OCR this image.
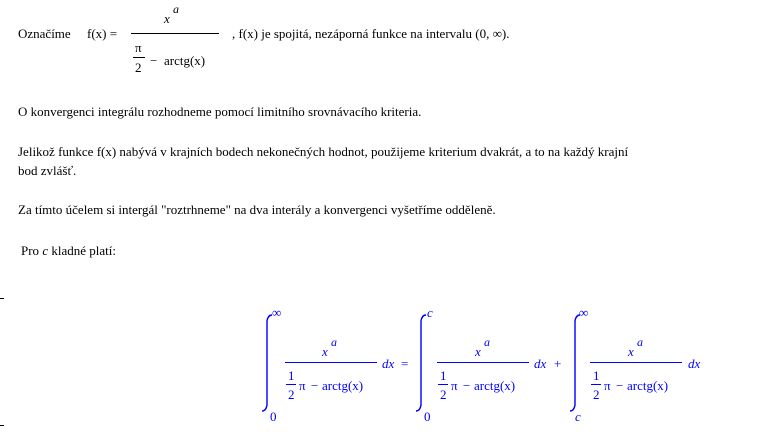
Označíme f(x) =
x
a
π
2 − arctg(x)
, f(x) je spojitá, nezáporná funkce na intervalu (0, ∞).
O konvergenci integrálu rozhodneme pomocí limitního srovnávacího kriteria.
Jelikož funkce f(x) nabývá v krajních bodech nekonečných hodnot, použijeme kriterium dvakrát, a to na každý krajní
bod zvlášť.
Za tímto účelem si intergál "roztrhneme" na dva interály a konvergenci vyšetříme odděleně.
Pro c kladné platí:
∞
0
x
a
1
2
π − arctg(x)
dx =
c
0
x
a
1
2
π − arctg(x)
dx +
∞
c
x
a
1
2
π − arctg(x)
dx
